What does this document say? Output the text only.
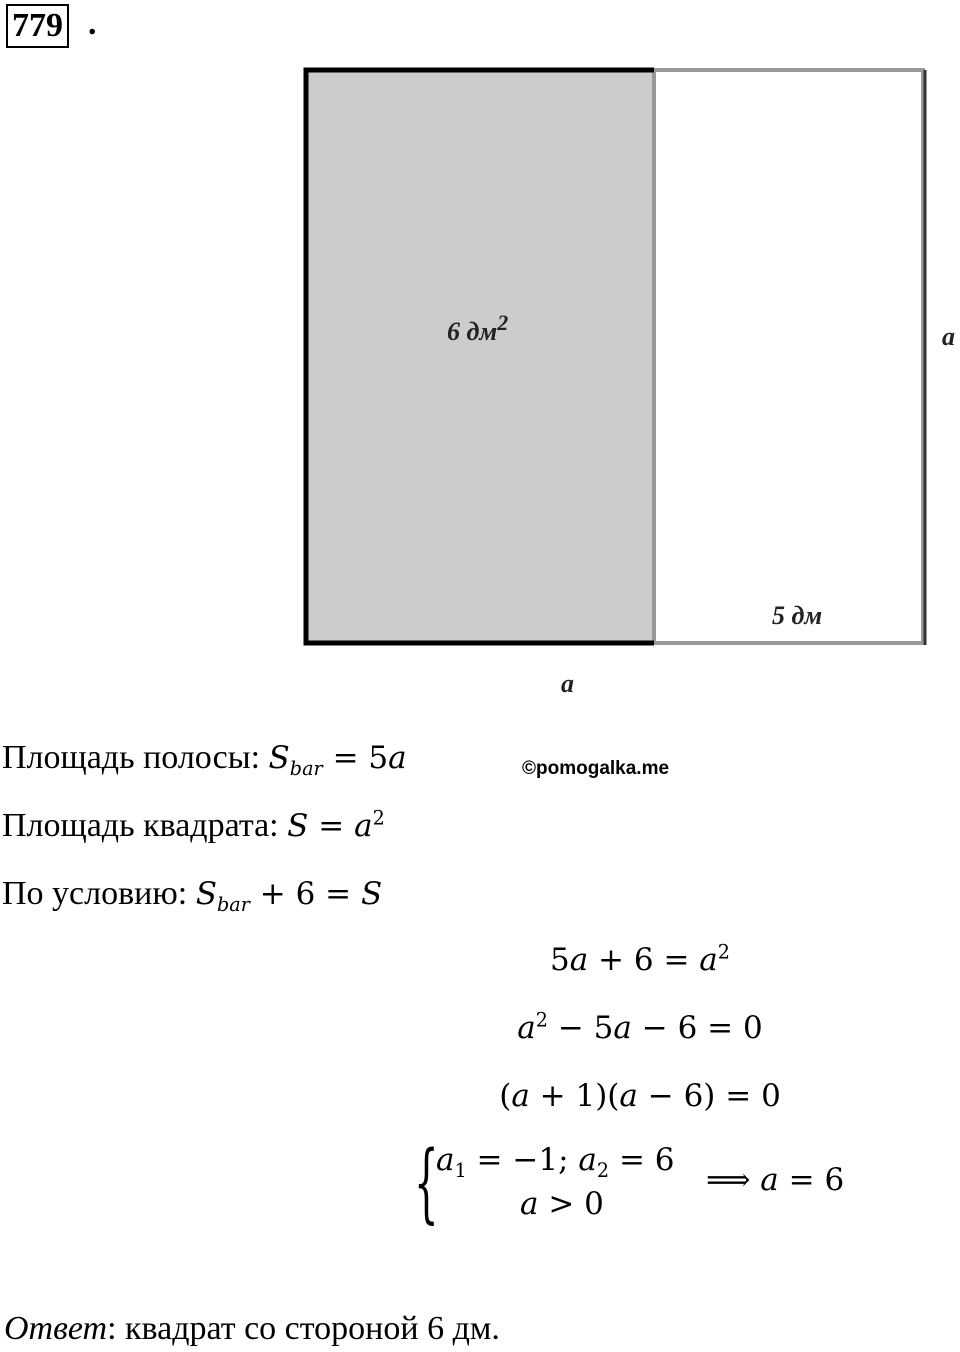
779 .
6 $дм^2$
5 дм
a
a
Площадь полосы: $S_{bar} = 5a$	©pomogalka.me
Площадь квадрата: $S = a^2$
По условию: $S_{bar} + 6 = S$
$5a + 6 = a^2$
$a^2 - 5a - 6 = 0$
(a + 1)(a − 6) = 0
{
$a_1 = -1$; $a_2 = 6$
a > 0
⟹ a = 6
Ответ: квадрат со стороной 6 дм.
